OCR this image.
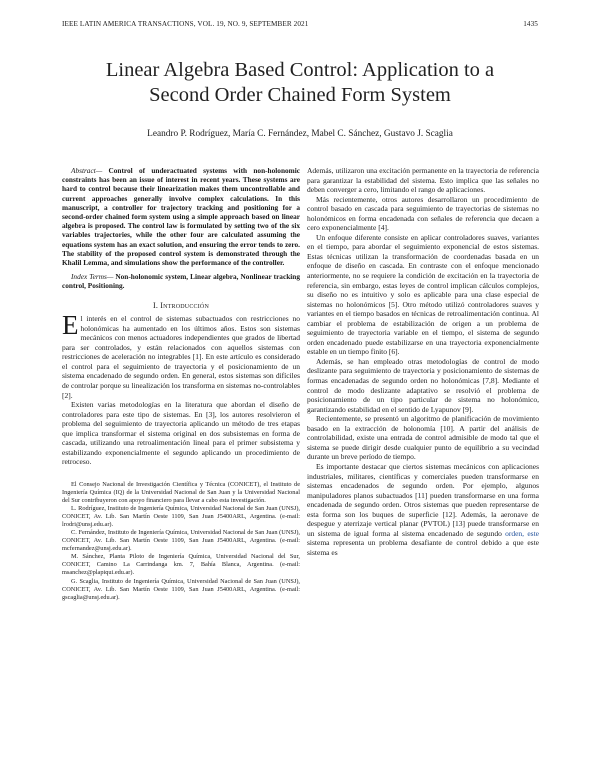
IEEE LATIN AMERICA TRANSACTIONS, VOL. 19, NO. 9, SEPTEMBER 2021	1435
Linear Algebra Based Control: Application to a
Second Order Chained Form System
Leandro P. Rodríguez, María C. Fernández, Mabel C. Sánchez, Gustavo J. Scaglia

Abstract— Control of underactuated systems with non-holonomic constraints has been an issue of interest in recent years. These systems are hard to control because their linearization makes them uncontrollable and current approaches generally involve complex calculations. In this manuscript, a controller for trajectory tracking and positioning for a second-order chained form system using a simple approach based on linear algebra is proposed. The control law is formulated by setting two of the six variables trajectories, while the other four are calculated assuming the equations system has an exact solution, and ensuring the error tends to zero. The stability of the proposed control system is demonstrated through the Khalil Lemma, and simulations show the performance of the controller.

Index Terms— Non-holonomic system, Linear algebra, Nonlinear tracking control, Positioning.

I. Introducción

El interés en el control de sistemas subactuados con restricciones no holonómicas ha aumentado en los últimos años. Estos son sistemas mecánicos con menos actuadores independientes que grados de libertad para ser controlados, y están relacionados con aquellos sistemas con restricciones de aceleración no integrables [1]. En este artículo es considerado el control para el seguimiento de trayectoria y el posicionamiento de un sistema encadenado de segundo orden. En general, estos sistemas son difíciles de controlar porque su linealización los transforma en sistemas no-controlables [2].

Existen varias metodologías en la literatura que abordan el diseño de controladores para este tipo de sistemas. En [3], los autores resolvieron el problema del seguimiento de trayectoria aplicando un método de tres etapas que implica transformar el sistema original en dos subsistemas en forma de cascada, utilizando una retroalimentación lineal para el primer subsistema y estabilizando exponencialmente el segundo aplicando un procedimiento de retroceso.

El Consejo Nacional de Investigación Científica y Técnica (CONICET), el Instituto de Ingeniería Química (IQ) de la Universidad Nacional de San Juan y la Universidad Nacional del Sur contribuyeron con apoyo financiero para llevar a cabo esta investigación.

L. Rodríguez, Instituto de Ingeniería Química, Universidad Nacional de San Juan (UNSJ), CONICET, Av. Lib. San Martín Oeste 1109, San Juan J5400ARL, Argentina. (e-mail: lrodri@unsj.edu.ar).

C. Fernández, Instituto de Ingeniería Química, Universidad Nacional de San Juan (UNSJ), CONICET, Av. Lib. San Martín Oeste 1109, San Juan J5400ARL, Argentina. (e-mail: mcfernandez@unsj.edu.ar).

M. Sánchez, Planta Piloto de Ingeniería Química, Universidad Nacional del Sur, CONICET, Camino La Carrindanga km. 7, Bahía Blanca, Argentina. (e-mail: msanchez@plapiqui.edu.ar).

G. Scaglia, Instituto de Ingeniería Química, Universidad Nacional de San Juan (UNSJ), CONICET, Av. Lib. San Martín Oeste 1109, San Juan J5400ARL, Argentina. (e-mail: gscaglia@unsj.edu.ar).

Además, utilizaron una excitación permanente en la trayectoria de referencia para garantizar la estabilidad del sistema. Esto implica que las señales no deben converger a cero, limitando el rango de aplicaciones.

Más recientemente, otros autores desarrollaron un procedimiento de control basado en cascada para seguimiento de trayectorias de sistemas no holonómicos en forma encadenada con señales de referencia que decaen a cero exponencialmente [4].

Un enfoque diferente consiste en aplicar controladores suaves, variantes en el tiempo, para abordar el seguimiento exponencial de estos sistemas. Estas técnicas utilizan la transformación de coordenadas basada en un enfoque de diseño en cascada. En contraste con el enfoque mencionado anteriormente, no se requiere la condición de excitación en la trayectoria de referencia, sin embargo, estas leyes de control implican cálculos complejos, su diseño no es intuitivo y solo es aplicable para una clase especial de sistemas no holonómicos [5]. Otro método utilizó controladores suaves y variantes en el tiempo basados en técnicas de retroalimentación continua. Al cambiar el problema de estabilización de origen a un problema de seguimiento de trayectoria variable en el tiempo, el sistema de segundo orden encadenado puede estabilizarse en una trayectoria exponencialmente estable en un tiempo finito [6].

Además, se han empleado otras metodologías de control de modo deslizante para seguimiento de trayectoria y posicionamiento de sistemas de formas encadenadas de segundo orden no holonómicas [7,8]. Mediante el control de modo deslizante adaptativo se resolvió el problema de posicionamiento de un tipo particular de sistema no holonómico, garantizando estabilidad en el sentido de Lyapunov [9].

Recientemente, se presentó un algoritmo de planificación de movimiento basado en la extracción de holonomía [10]. A partir del análisis de controlabilidad, existe una entrada de control admisible de modo tal que el sistema se puede dirigir desde cualquier punto de equilibrio a su vecindad durante un breve período de tiempo.

Es importante destacar que ciertos sistemas mecánicos con aplicaciones industriales, militares, científicas y comerciales pueden transformarse en sistemas encadenados de segundo orden. Por ejemplo, algunos manipuladores planos subactuados [11] pueden transformarse en una forma encadenada de segundo orden. Otros sistemas que pueden representarse de esta forma son los buques de superficie [12]. Además, la aeronave de despegue y aterrizaje vertical planar (PVTOL) [13] puede transformarse en un sistema de igual forma al sistema encadenado de segundo orden, este sistema representa un problema desafiante de control debido a que este sistema es
